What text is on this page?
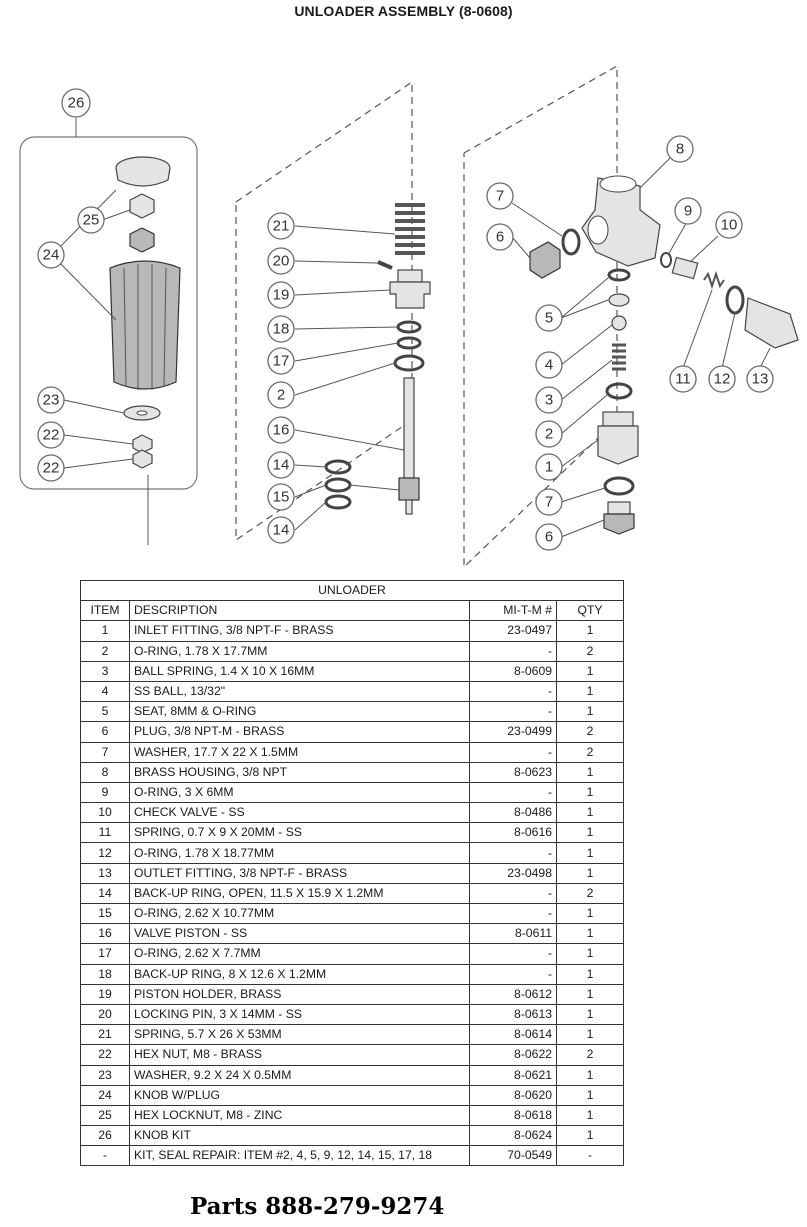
UNLOADER ASSEMBLY (8-0608)
26
25
24
23
22
22
21
20
19
18
17
2
16
14
15
14
8
7
6
9
10
5
4
3
2
1
7
6
11 12 13
UNLOADER			
ITEM	DESCRIPTION	MI-T-M #	QTY
1	INLET FITTING, 3/8 NPT-F - BRASS	23-0497	1
2	O-RING, 1.78 X 17.7MM	-	2
3	BALL SPRING, 1.4 X 10 X 16MM	8-0609	1
4	SS BALL, 13/32"	-	1
5	SEAT, 8MM & O-RING	-	1
6	PLUG, 3/8 NPT-M - BRASS	23-0499	2
7	WASHER, 17.7 X 22 X 1.5MM	-	2
8	BRASS HOUSING, 3/8 NPT	8-0623	1
9	O-RING, 3 X 6MM	-	1
10	CHECK VALVE - SS	8-0486	1
11	SPRING, 0.7 X 9 X 20MM - SS	8-0616	1
12	O-RING, 1.78 X 18.77MM	-	1
13	OUTLET FITTING, 3/8 NPT-F - BRASS	23-0498	1
14	BACK-UP RING, OPEN, 11.5 X 15.9 X 1.2MM	-	2
15	O-RING, 2.62 X 10.77MM	-	1
16	VALVE PISTON - SS	8-0611	1
17	O-RING, 2.62 X 7.7MM	-	1
18	BACK-UP RING, 8 X 12.6 X 1.2MM	-	1
19	PISTON HOLDER, BRASS	8-0612	1
20	LOCKING PIN, 3 X 14MM - SS	8-0613	1
21	SPRING, 5.7 X 26 X 53MM	8-0614	1
22	HEX NUT, M8 - BRASS	8-0622	2
23	WASHER, 9.2 X 24 X 0.5MM	8-0621	1
24	KNOB W/PLUG	8-0620	1
25	HEX LOCKNUT, M8 - ZINC	8-0618	1
26	KNOB KIT	8-0624	1
-	KIT, SEAL REPAIR: ITEM #2, 4, 5, 9, 12, 14, 15, 17, 18	70-0549	-
Parts 888-279-9274
